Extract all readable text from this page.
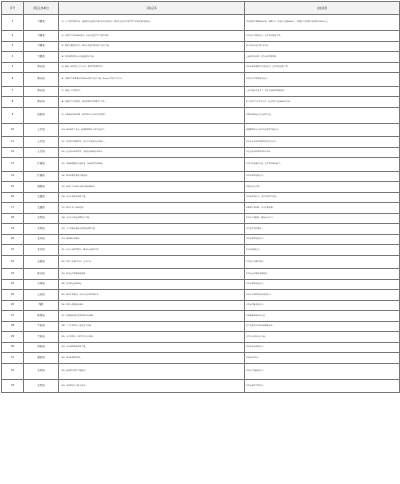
序号	责任主体单位	目标任务	完成进度
1	卫健委	（1）公立医院巩固完善，继续开展全国医疗服务提升专项行动，推进优质医疗资源扩容下沉和区域均衡布局。	完成病床位新增500余张，新增执业（助理）医师600余人，家庭医生签约服务覆盖率达60%以上。
2	卫健委	（2）乡镇卫生院标准化建设，完善基层医疗卫生服务网络。	已完成项目建设任务，正在开展验收工作。
3	卫健委	（3）新建儿童医院项目，推进儿科医疗服务能力提升工程。	累计已完成投资约1.5亿元。
4	卫健委	（4）疾病预防控制中心实验室建设工程。	主体结构已封顶，正在进行装饰装修。
5	教育局	（5）新建、改扩建公办幼儿园，新增学前教育学位。	已完成年度新增学位建设任务，正在开展验收工作。
6	教育局	（6）实施义务教育薄弱环节改善与能力提升工程，改善农村学校办学条件。	已完成项目年度建设任务。
7	教育局	（7）新建中小学校项目。	主体工程已基本完工，正在进行配套设施建设。
8	教育局	（8）实施学生资助政策，落实家庭经济困难学生资助。	累计资助学生2万余人次，发放资助资金3000余万元。
9	民政局	（9）提高城乡低保标准，落实特困人员救助供养政策。	已按时足额发放各类救助资金。
10	人社局	（10）稳定和扩大就业，城镇新增就业人数目标任务。	城镇新增就业人数已完成年度目标任务。
11	人社局	（11）开展职业技能培训，提升劳动者就业创业能力。	已完成各类职业技能培训1万余人次。
12	人社局	（12）发放创业担保贷款，支持重点群体创业就业。	已发放创业担保贷款2亿余元。
13	住建局	（13）实施城镇老旧小区改造，完善配套基础设施。	已开工改造老旧小区，正在有序推进施工。
14	住建局	（14）推进保障性安居工程建设。	已完成年度建设任务。
15	城管局	（15）城市生活垃圾分类和处理设施建设。	已建成投入使用。
16	交通局	（16）农村公路提档升级工程。	已完成建设任务，正在开展交工验收。
17	交通局	（17）城乡公交一体化建设。	已新增公交线路，完成车辆更新。
18	水利局	（18）农村饮水安全巩固提升工程。	已完成工程建设，惠及农村人口。
19	水利局	（19）中小河流治理及水库除险加固工程。	项目正在有序推进。
20	农业局	（20）高标准农田建设。	已完成年度建设任务。
21	农业局	（21）农村人居环境整治，推进农村改厕工作。	已完成改厕任务。
22	文旅局	（22）开展文化惠民活动，送戏下乡。	已开展文化惠民演出。
23	体育局	（23）建设全民健身场地设施。	已完成全民健身设施建设。
24	市场局	（24）食品安全监督抽检。	已完成年度抽检任务。
25	公安局	（25）推进平安建设，完善社会治安防控体系。	已完成治安防控体系建设任务。
26	残联	（26）残疾人康复救助服务。	已完成康复救助任务。
27	医保局	（27）提高城乡居民医保财政补助标准。	已按标准落实补助资金。
28	生态局	（28）大气污染防治，改善空气质量。	空气质量优良天数比例稳步提升。
29	生态局	（29）水污染防治，保护饮用水水源地。	饮用水水源地水质达标。
30	供电局	（30）农村电网改造升级工程。	已完成改造升级任务。
31	通信局	（31）推进5G网络建设。	已建成5G基站。
32	水利局	（32）城区防洪排涝工程建设。	已完成工程建设任务。
33	水利局	（33）加强防汛抗旱能力建设。	已完成年度工作任务。
